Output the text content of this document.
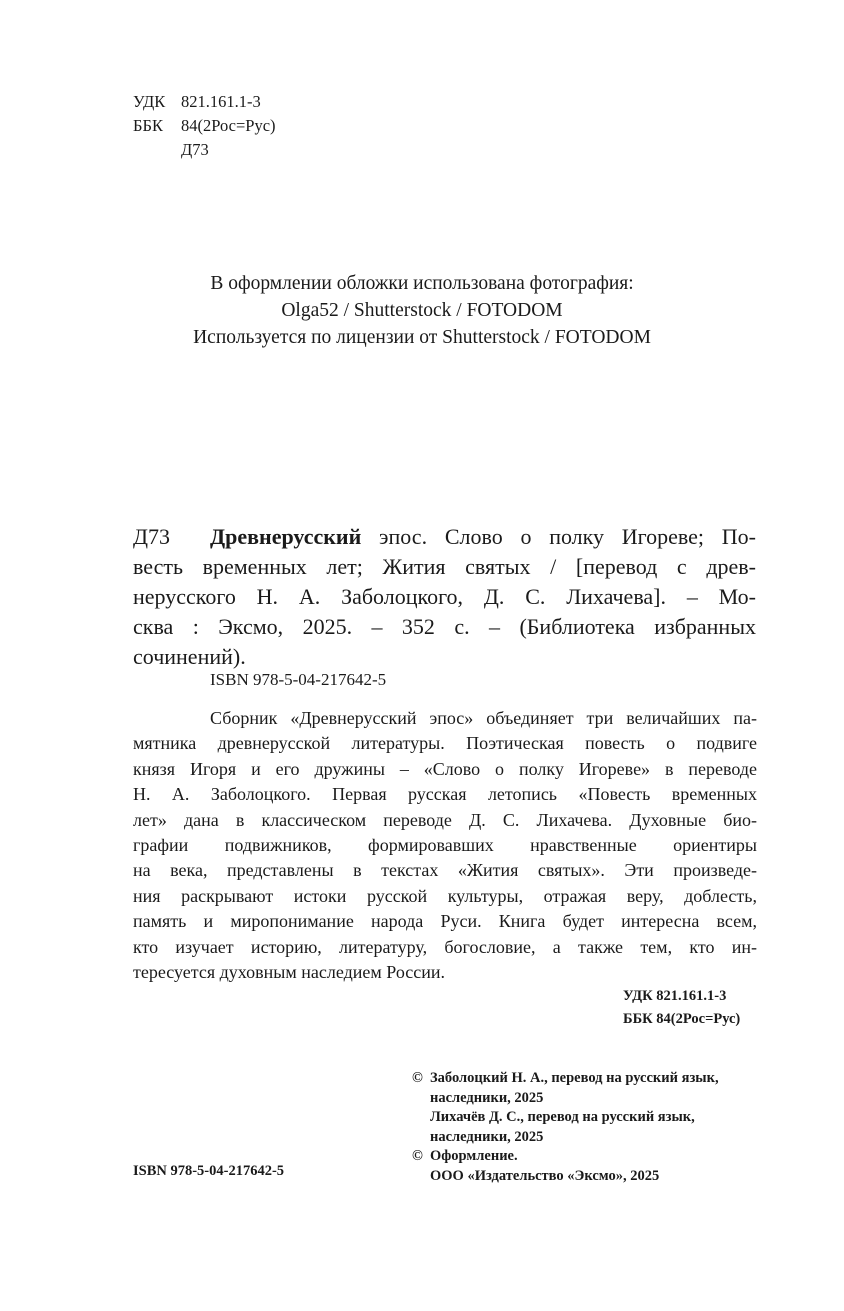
УДК 821.161.1-3
ББК	84(2Рос=Рус)
Д73
В оформлении обложки использована фотография:
Olga52 / Shutterstock / FOTODOM
Используется по лицензии от Shutterstock / FOTODOM
Д73 Древнерусский эпос. Слово о полку Игореве; По-
весть временных лет; Жития святых / [перевод с древ-
нерусского Н. А. Заболоцкого, Д. С. Лихачева]. – Мо-
сква : Эксмо, 2025. – 352 с. – (Библиотека избранных
сочинений).
ISBN 978-5-04-217642-5
Сборник «Древнерусский эпос» объединяет три величайших па-
мятника древнерусской литературы. Поэтическая повесть о подвиге
князя Игоря и его дружины – «Слово о полку Игореве» в переводе
Н. А. Заболоцкого. Первая русская летопись «Повесть временных
лет» дана в классическом переводе Д. С. Лихачева. Духовные био-
графии подвижников, формировавших нравственные ориентиры
на века, представлены в текстах «Жития святых». Эти произведе-
ния раскрывают истоки русской культуры, отражая веру, доблесть,
память и миропонимание народа Руси. Книга будет интересна всем,
кто изучает историю, литературу, богословие, а также тем, кто ин-
тересуется духовным наследием России.
УДК 821.161.1-3
ББК 84(2Рос=Рус)
© Заболоцкий Н. А., перевод на русский язык,
наследники, 2025
Лихачёв Д. С., перевод на русский язык,
наследники, 2025
© Оформление.
ООО «Издательство «Эксмо», 2025
ISBN 978-5-04-217642-5
